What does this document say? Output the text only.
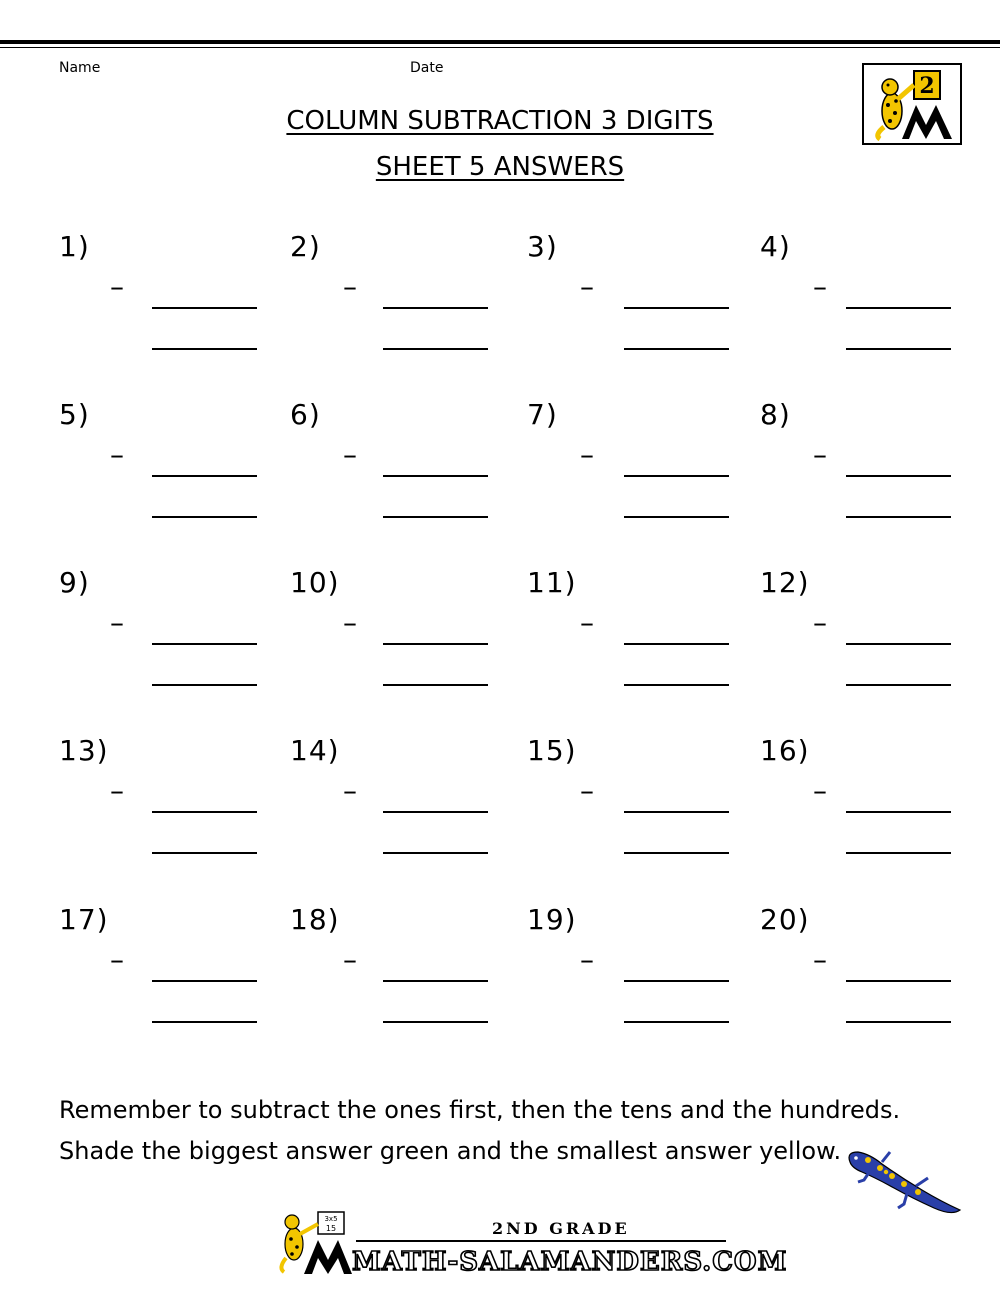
Name	Date
COLUMN SUBTRACTION 3 DIGITS
SHEET 5 ANSWERS
2
1)
–
2)
–
3)
–
4)
–
5)
–
6)
–
7)
–
8)
–
9)
–
10)
–
11)
–
12)
–
13)
–
14)
–
15)
–
16)
–
17)
–
18)
–
19)
–
20)
–
Remember to subtract the ones first, then the tens and the hundreds.
Shade the biggest answer green and the smallest answer yellow.
3x5
15	2ND GRADE
MATH-SALAMANDERS.COM
